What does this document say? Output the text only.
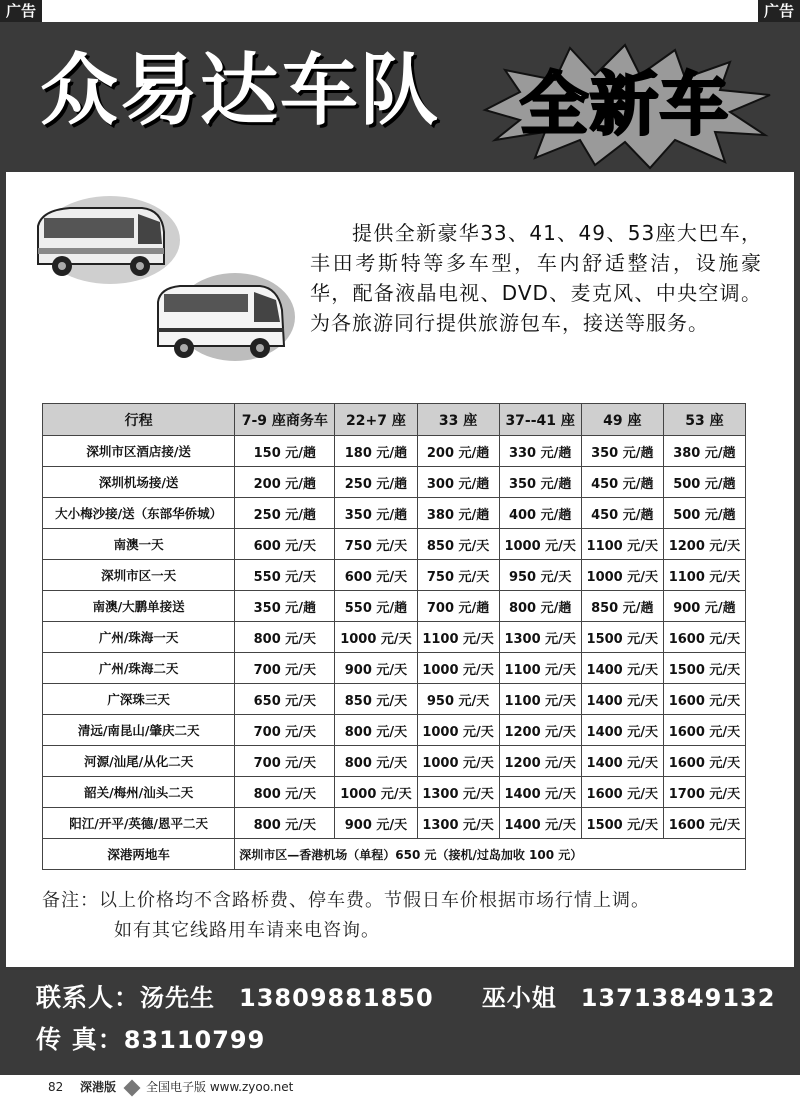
广告	广告
众易达车队	全新车

提供全新豪华33、41、49、53座大巴车，丰田考斯特等多车型，车内舒适整洁，设施豪华，配备液晶电视、DVD、麦克风、中央空调。为各旅游同行提供旅游包车，接送等服务。

行程	7-9 座商务车	22+7 座	33 座	37--41 座	49 座	53 座
深圳市区酒店接/送	150 元/趟	180 元/趟	200 元/趟	330 元/趟	350 元/趟	380 元/趟
深圳机场接/送	200 元/趟	250 元/趟	300 元/趟	350 元/趟	450 元/趟	500 元/趟
大小梅沙接/送（东部华侨城）	250 元/趟	350 元/趟	380 元/趟	400 元/趟	450 元/趟	500 元/趟
南澳一天	600 元/天	750 元/天	850 元/天	1000 元/天	1100 元/天	1200 元/天
深圳市区一天	550 元/天	600 元/天	750 元/天	950 元/天	1000 元/天	1100 元/天
南澳/大鹏单接送	350 元/趟	550 元/趟	700 元/趟	800 元/趟	850 元/趟	900 元/趟
广州/珠海一天	800 元/天	1000 元/天	1100 元/天	1300 元/天	1500 元/天	1600 元/天
广州/珠海二天	700 元/天	900 元/天	1000 元/天	1100 元/天	1400 元/天	1500 元/天
广深珠三天	650 元/天	850 元/天	950 元/天	1100 元/天	1400 元/天	1600 元/天
清远/南昆山/肇庆二天	700 元/天	800 元/天	1000 元/天	1200 元/天	1400 元/天	1600 元/天
河源/汕尾/从化二天	700 元/天	800 元/天	1000 元/天	1200 元/天	1400 元/天	1600 元/天
韶关/梅州/汕头二天	800 元/天	1000 元/天	1300 元/天	1400 元/天	1600 元/天	1700 元/天
阳江/开平/英德/恩平二天	800 元/天	900 元/天	1300 元/天	1400 元/天	1500 元/天	1600 元/天
深港两地车	深圳市区—香港机场（单程）650 元（接机/过岛加收 100 元）					
备注：以上价格均不含路桥费、停车费。节假日车价根据市场行情上调。
如有其它线路用车请来电咨询。
联系人：汤先生 13809881850 巫小姐 13713849132
传 真：83110799
82 深港版 全国电子版 www.zyoo.net
